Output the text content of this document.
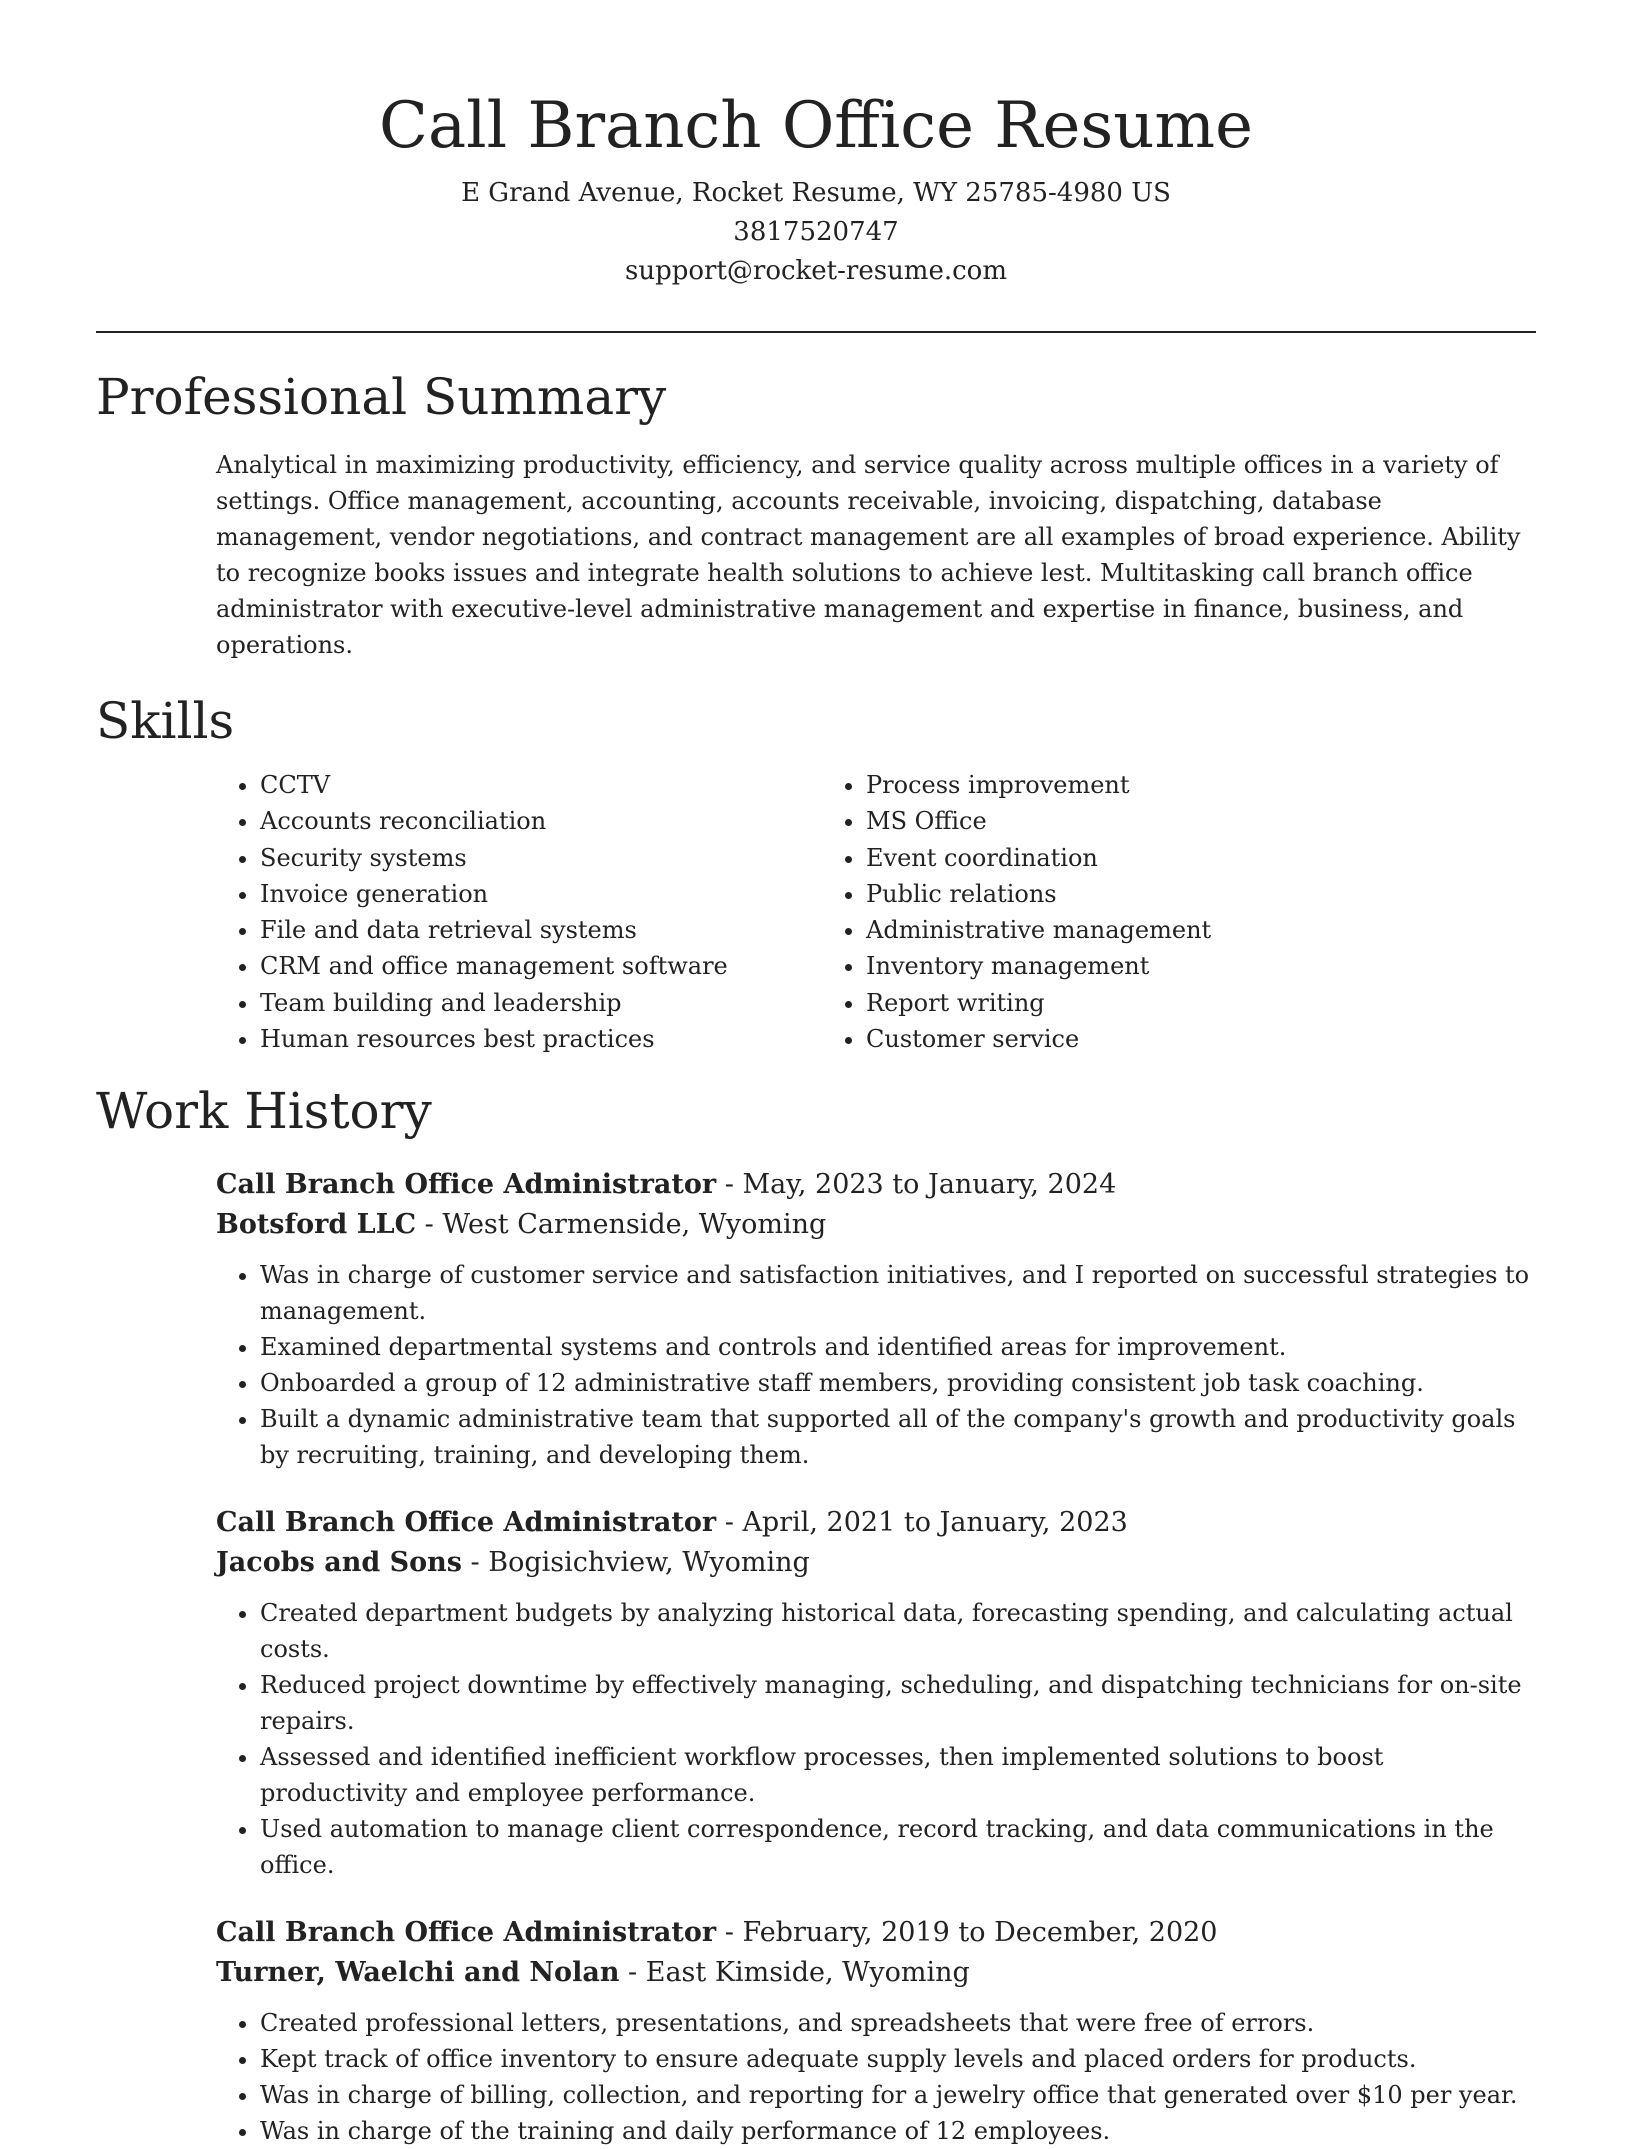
Call Branch Office Resume

E Grand Avenue, Rocket Resume, WY 25785-4980 US

3817520747

support@rocket-resume.com

Professional Summary

Analytical in maximizing productivity, efficiency, and service quality across multiple offices in a variety of settings. Office management, accounting, accounts receivable, invoicing, dispatching, database management, vendor negotiations, and contract management are all examples of broad experience. Ability to recognize books issues and integrate health solutions to achieve lest. Multitasking call branch office administrator with executive-level administrative management and expertise in finance, business, and operations.

Skills
• CCTV
• Accounts reconciliation
• Security systems
• Invoice generation
• File and data retrieval systems
• CRM and office management software
• Team building and leadership
• Human resources best practices
• Process improvement
• MS Office
• Event coordination
• Public relations
• Administrative management
• Inventory management
• Report writing
• Customer service
Work History

Call Branch Office Administrator - May, 2023 to January, 2024

Botsford LLC - West Carmenside, Wyoming

• Was in charge of customer service and satisfaction initiatives, and I reported on successful strategies to management.
• Examined departmental systems and controls and identified areas for improvement.
• Onboarded a group of 12 administrative staff members, providing consistent job task coaching.
• Built a dynamic administrative team that supported all of the company's growth and productivity goals by recruiting, training, and developing them.

Call Branch Office Administrator - April, 2021 to January, 2023

Jacobs and Sons - Bogisichview, Wyoming

• Created department budgets by analyzing historical data, forecasting spending, and calculating actual costs.
• Reduced project downtime by effectively managing, scheduling, and dispatching technicians for on-site repairs.
• Assessed and identified inefficient workflow processes, then implemented solutions to boost productivity and employee performance.
• Used automation to manage client correspondence, record tracking, and data communications in the office.

Call Branch Office Administrator - February, 2019 to December, 2020

Turner, Waelchi and Nolan - East Kimside, Wyoming

• Created professional letters, presentations, and spreadsheets that were free of errors.
• Kept track of office inventory to ensure adequate supply levels and placed orders for products.
• Was in charge of billing, collection, and reporting for a jewelry office that generated over $10 per year.
• Was in charge of the training and daily performance of 12 employees.
